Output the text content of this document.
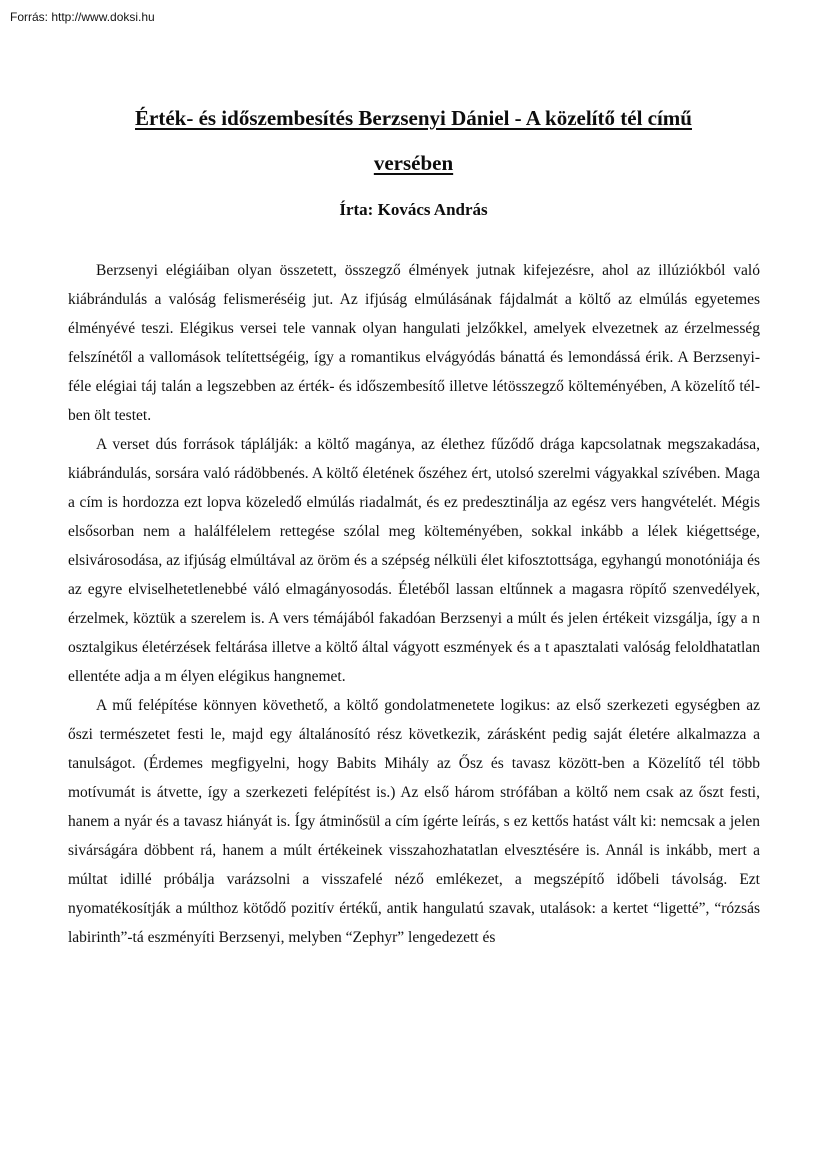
Forrás: http://www.doksi.hu
Érték- és időszembesítés Berzsenyi Dániel - A közelítő tél című
versében
Írta: Kovács András

Berzsenyi elégiáiban olyan összetett, összegző élmények jutnak kifejezésre, ahol az illúziókból való kiábrándulás a valóság felismeréséig jut. Az ifjúság elmúlásának fájdalmát a költő az elmúlás egyetemes élményévé teszi. Elégikus versei tele vannak olyan hangulati jelzőkkel, amelyek elvezetnek az érzelmesség felszínétől a vallomások telítettségéig, így a romantikus elvágyódás bánattá és lemondássá érik. A Berzsenyi-féle elégiai táj talán a legszebben az érték- és időszembesítő illetve létösszegző költeményében, A közelítő tél-ben ölt testet.

A verset dús források táplálják: a költő magánya, az élethez fűződő drága kapcsolatnak megszakadása, kiábrándulás, sorsára való rádöbbenés. A költő életének őszéhez ért, utolsó szerelmi vágyakkal szívében. Maga a cím is hordozza ezt lopva közeledő elmúlás riadalmát, és ez predesztinálja az egész vers hangvételét. Mégis elsősorban nem a halálfélelem rettegése szólal meg költeményében, sokkal inkább a lélek kiégettsége, elsivárosodása, az ifjúság elmúltával az öröm és a szépség nélküli élet kifosztottsága, egyhangú monotóniája és az egyre elviselhetetlenebbé váló elmagányosodás. Életéből lassan eltűnnek a magasra röpítő szenvedélyek, érzelmek, köztük a szerelem is. A vers témájából fakadóan Berzsenyi a múlt és jelen értékeit vizsgálja, így a n osztalgikus életérzések feltárása illetve a költő által vágyott eszmények és a t apasztalati valóság feloldhatatlan ellentéte adja a m élyen elégikus hangnemet.

A mű felépítése könnyen követhető, a költő gondolatmenetete logikus: az első szerkezeti egységben az őszi természetet festi le, majd egy általánosító rész következik, zárásként pedig saját életére alkalmazza a tanulságot. (Érdemes megfigyelni, hogy Babits Mihály az Ősz és tavasz között-ben a Közelítő tél több motívumát is átvette, így a szerkezeti felépítést is.) Az első három strófában a költő nem csak az őszt festi, hanem a nyár és a tavasz hiányát is. Így átminősül a cím ígérte leírás, s ez kettős hatást vált ki: nemcsak a jelen sivárságára döbbent rá, hanem a múlt értékeinek visszahozhatatlan elvesztésére is. Annál is inkább, mert a múltat idillé próbálja varázsolni a visszafelé néző emlékezet, a megszépítő időbeli távolság. Ezt nyomatékosítják a múlthoz kötődő pozitív értékű, antik hangulatú szavak, utalások: a kertet “ligetté”, “rózsás labirinth”-tá eszményíti Berzsenyi, melyben “Zephyr” lengedezett és
